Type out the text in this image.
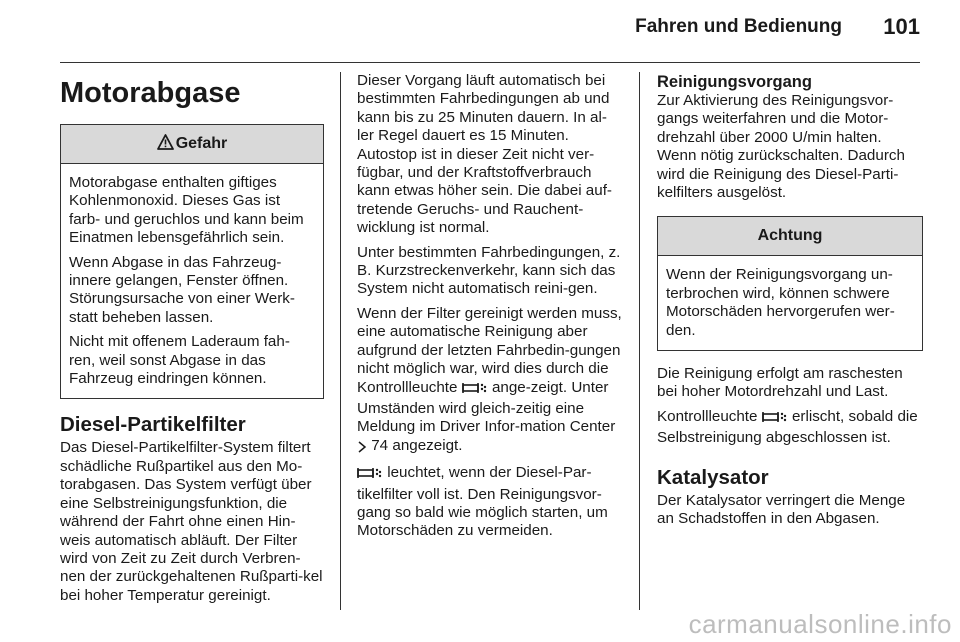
Fahren und Bedienung 101
Motorabgase
Gefahr

Motorabgase enthalten giftiges Kohlenmonoxid. Dieses Gas ist farb- und geruchlos und kann beim Einatmen lebensgefährlich sein.

Wenn Abgase in das Fahrzeug-innere gelangen, Fenster öffnen. Störungsursache von einer Werk-statt beheben lassen.

Nicht mit offenem Laderaum fah-ren, weil sonst Abgase in das Fahrzeug eindringen können.

Diesel-Partikelfilter

Das Diesel-Partikelfilter-System filtert schädliche Rußpartikel aus den Mo-torabgasen. Das System verfügt über eine Selbstreinigungsfunktion, die während der Fahrt ohne einen Hin-weis automatisch abläuft. Der Filter wird von Zeit zu Zeit durch Verbren-nen der zurückgehaltenen Rußparti-kel bei hoher Temperatur gereinigt.

Dieser Vorgang läuft automatisch bei bestimmten Fahrbedingungen ab und kann bis zu 25 Minuten dauern. In al-ler Regel dauert es 15 Minuten. Autostop ist in dieser Zeit nicht ver-fügbar, und der Kraftstoffverbrauch kann etwas höher sein. Die dabei auf-tretende Geruchs- und Rauchent-wicklung ist normal.

Unter bestimmten Fahrbedingungen, z. B. Kurzstreckenverkehr, kann sich das System nicht automatisch reini-gen.

Wenn der Filter gereinigt werden muss, eine automatische Reinigung aber aufgrund der letzten Fahrbedin-gungen nicht möglich war, wird dies durch die Kontrollleuchte ange-zeigt. Unter Umständen wird gleich-zeitig eine Meldung im Driver Infor-mation Center  74 angezeigt.

leuchtet, wenn der Diesel-Par-tikelfilter voll ist. Den Reinigungsvor-gang so bald wie möglich starten, um Motorschäden zu vermeiden.

Reinigungsvorgang

Zur Aktivierung des Reinigungsvor-gangs weiterfahren und die Motor-drehzahl über 2000 U/min halten. Wenn nötig zurückschalten. Dadurch wird die Reinigung des Diesel-Parti-kelfilters ausgelöst.

Achtung

Wenn der Reinigungsvorgang un-terbrochen wird, können schwere Motorschäden hervorgerufen wer-den.

Die Reinigung erfolgt am raschesten bei hoher Motordrehzahl und Last.

Kontrollleuchte erlischt, sobald die Selbstreinigung abgeschlossen ist.

Katalysator

Der Katalysator verringert die Menge an Schadstoffen in den Abgasen.

carmanualsonline.info
